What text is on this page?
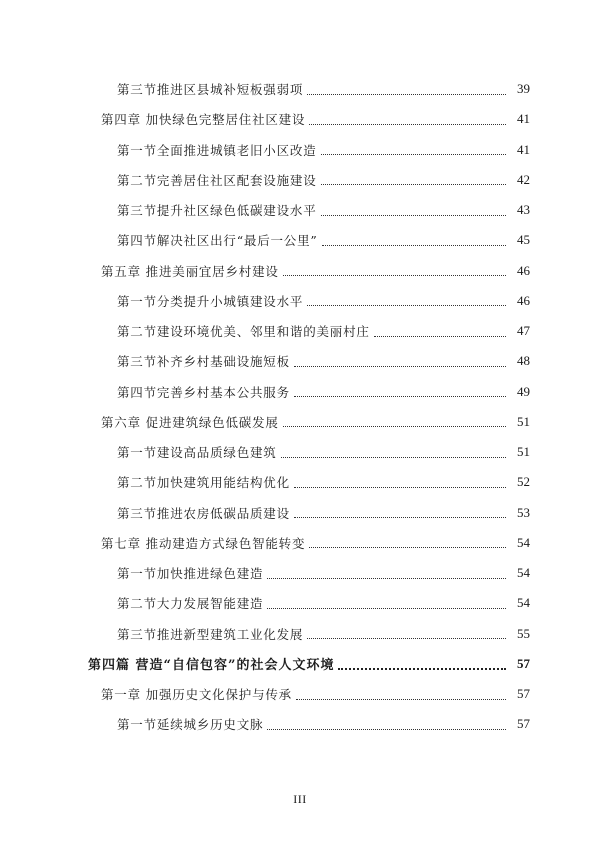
第三节推进区县城补短板强弱项	39
第四章 加快绿色完整居住社区建设	41
第一节全面推进城镇老旧小区改造	41
第二节完善居住社区配套设施建设	42
第三节提升社区绿色低碳建设水平	43
第四节解决社区出行“最后一公里”	45
第五章 推进美丽宜居乡村建设	46
第一节分类提升小城镇建设水平	46
第二节建设环境优美、邻里和谐的美丽村庄	47
第三节补齐乡村基础设施短板	48
第四节完善乡村基本公共服务	49
第六章 促进建筑绿色低碳发展	51
第一节建设高品质绿色建筑	51
第二节加快建筑用能结构优化	52
第三节推进农房低碳品质建设	53
第七章 推动建造方式绿色智能转变	54
第一节加快推进绿色建造	54
第二节大力发展智能建造	54
第三节推进新型建筑工业化发展	55
第四篇 营造“自信包容”的社会人文环境	57
第一章 加强历史文化保护与传承	57
第一节延续城乡历史文脉	57
III
